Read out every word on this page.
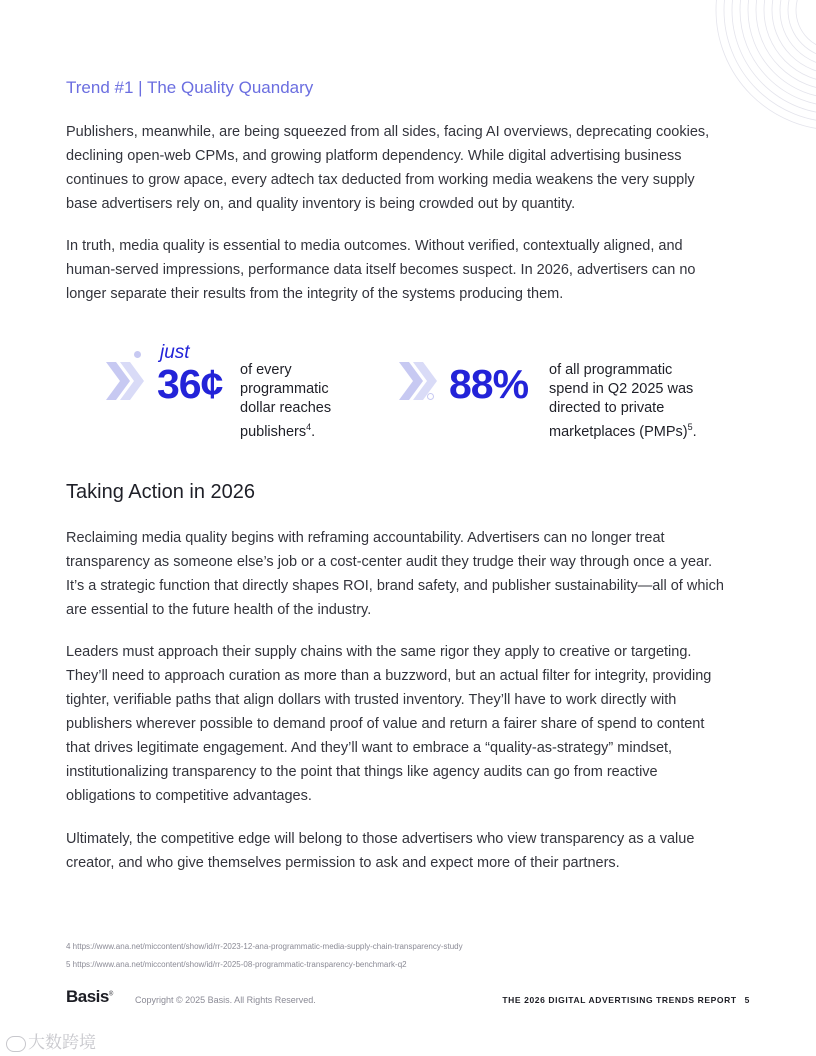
Trend #1 | The Quality Quandary

Publishers, meanwhile, are being squeezed from all sides, facing AI overviews, deprecating cookies, declining open-web CPMs, and growing platform dependency. While digital advertising business continues to grow apace, every adtech tax deducted from working media weakens the very supply base advertisers rely on, and quality inventory is being crowded out by quantity.

In truth, media quality is essential to media outcomes. Without verified, contextually aligned, and human-served impressions, performance data itself becomes suspect. In 2026, advertisers can no longer separate their results from the integrity of the systems producing them.

just
36¢ of every
programmatic
dollar reaches
publishers$^4$.
88% of all programmatic
spend in Q2 2025 was
directed to private
marketplaces (PMPs)$^5$.
Taking Action in 2026

Reclaiming media quality begins with reframing accountability. Advertisers can no longer treat transparency as someone else’s job or a cost-center audit they trudge their way through once a year. It’s a strategic function that directly shapes ROI, brand safety, and publisher sustainability—all of which are essential to the future health of the industry.

Leaders must approach their supply chains with the same rigor they apply to creative or targeting. They’ll need to approach curation as more than a buzzword, but an actual filter for integrity, providing tighter, verifiable paths that align dollars with trusted inventory. They’ll have to work directly with publishers wherever possible to demand proof of value and return a fairer share of spend to content that drives legitimate engagement. And they’ll want to embrace a “quality-as-strategy” mindset, institutionalizing transparency to the point that things like agency audits can go from reactive obligations to competitive advantages.

Ultimately, the competitive edge will belong to those advertisers who view transparency as a value creator, and who give themselves permission to ask and expect more of their partners.

4 https://www.ana.net/miccontent/show/id/rr-2023-12-ana-programmatic-media-supply-chain-transparency-study
5 https://www.ana.net/miccontent/show/id/rr-2025-08-programmatic-transparency-benchmark-q2
Basis®
Copyright © 2025 Basis. All Rights Reserved.	THE 2026 DIGITAL ADVERTISING TRENDS REPORT 5
大数跨境
